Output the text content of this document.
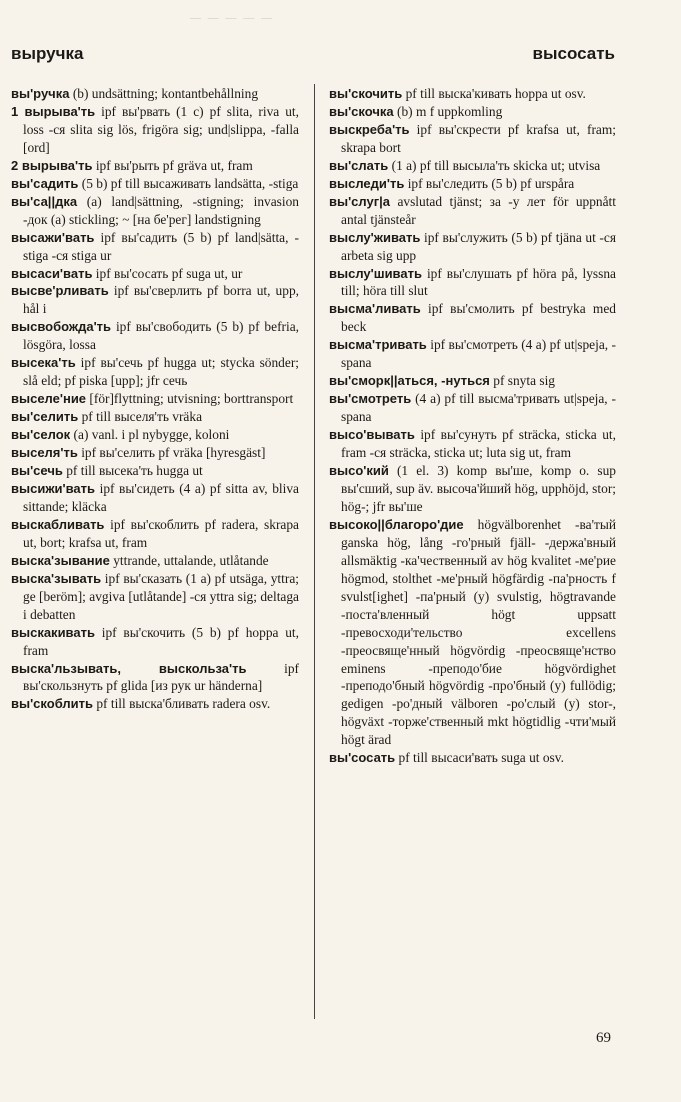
— — — — —
выручка	высосать

вы'ручка (b) undsättning; kontantbehållning

1 вырыва'ть ipf вы'рвать (1 c) pf slita, riva ut, loss -ся slita sig lös, frigöra sig; und|slippa, -falla [ord]

2 вырыва'ть ipf вы'рыть pf gräva ut, fram

вы'садить (5 b) pf till высаживать landsätta, -stiga

вы'са||дка (a) land|sättning, -stigning; invasion -док (a) stickling; ~ [на бе'рег] landstigning

высажи'вать ipf вы'садить (5 b) pf land|sätta, -stiga -ся stiga ur

высаси'вать ipf вы'сосать pf suga ut, ur

высве'рливать ipf вы'сверлить pf borra ut, upp, hål i

высвобожда'ть ipf вы'свободить (5 b) pf befria, lösgöra, lossa

высека'ть ipf вы'сечь pf hugga ut; stycka sönder; slå eld; pf piska [upp]; jfr сечь

выселе'ние [för]flyttning; utvisning; borttransport

вы'селить pf till выселя'ть vräka

вы'селок (a) vanl. i pl nybygge, koloni

выселя'ть ipf вы'селить pf vräka [hyresgäst]

вы'сечь pf till высека'ть hugga ut

высижи'вать ipf вы'сидеть (4 a) pf sitta av, bliva sittande; kläcka

выскабливать ipf вы'скоблить pf radera, skrapa ut, bort; krafsa ut, fram

выска'зывание yttrande, uttalande, utlåtande

выска'зывать ipf вы'сказать (1 a) pf utsäga, yttra; ge [beröm]; avgiva [utlåtande] -ся yttra sig; deltaga i debatten

выскакивать ipf вы'скочить (5 b) pf hoppa ut, fram

выска'льзывать, выскольза'ть ipf вы'скользнуть pf glida [из рук ur händerna]

вы'скоблить pf till выска'бливать radera osv.

вы'скочить pf till выска'кивать hoppa ut osv.

вы'скочка (b) m f uppkomling

выскреба'ть ipf вы'скрести pf krafsa ut, fram; skrapa bort

вы'слать (1 a) pf till высыла'ть skicka ut; utvisa

выследи'ть ipf вы'следить (5 b) pf urspåra

вы'слуг|а avslutad tjänst; за -у лет för uppnått antal tjänsteår

выслу'живать ipf вы'служить (5 b) pf tjäna ut -ся arbeta sig upp

выслу'шивать ipf вы'слушать pf höra på, lyssna till; höra till slut

высма'ливать ipf вы'смолить pf bestryka med beck

высма'тривать ipf вы'смотреть (4 a) pf ut|speja, -spana

вы'сморк||аться, -нуться pf snyta sig

вы'смотреть (4 a) pf till высма'тривать ut|speja, -spana

высо'вывать ipf вы'сунуть pf sträcka, sticka ut, fram -ся sträcka, sticka ut; luta sig ut, fram

высо'кий (1 el. 3) komp вы'ше, komp o. sup вы'сший, sup äv. высоча'йший hög, upphöjd, stor; hög-; jfr вы'ше

высоко||благоро'дие högvälborenhet -ва'тый ganska hög, lång -го'рный fjäll- -держа'вный allsmäktig -ка'чественный av hög kvalitet -ме'рие högmod, stolthet -ме'рный högfärdig -па'рность f svulst[ighet] -па'рный (y) svulstig, högtravande -поста'вленный högt uppsatt -превосходи'тельство excellens -преосвяще'нный högvördig -преосвяще'нство eminens -преподо'бие högvördighet -преподо'бный högvördig -про'бный (y) fullödig; gedigen -ро'дный välboren -ро'слый (y) stor-, högväxt -торже'ственный mkt högtidlig -чти'мый högt ärad

вы'сосать pf till высаси'вать suga ut osv.

69
